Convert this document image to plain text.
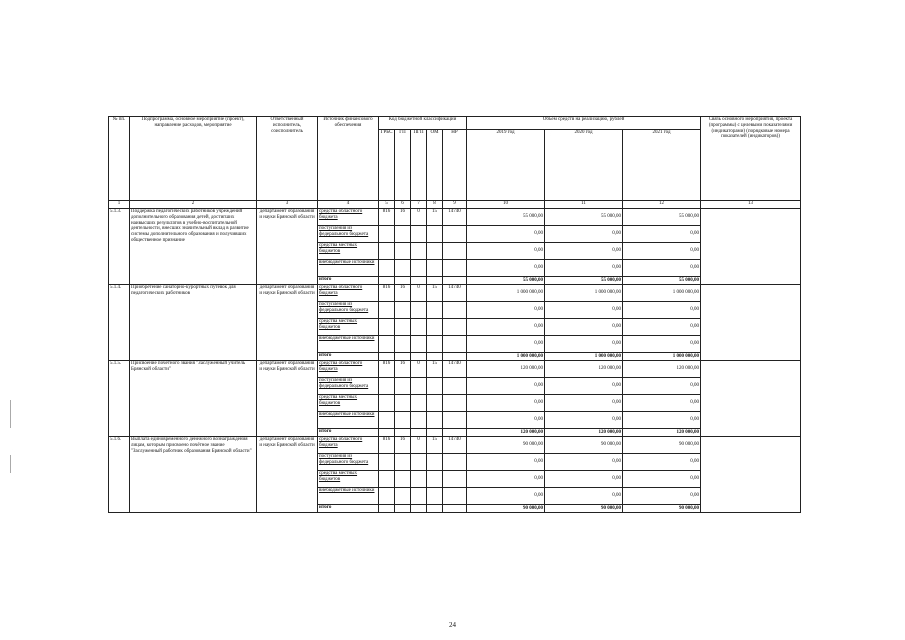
№ пп.	Подпрограмма, основное мероприятие (проект), направление расходов, мероприятие	Ответственный исполнитель, соисполнитель	Источник финансового обеспечения	Код бюджетной классификации					Объем средств на реализацию, рублей			Связь основного мероприятия, проекта (программы) с целевыми показателями (индикаторами) (порядковые номера показателей (индикаторов))
				ГРБС	ГП	ПГП	ОМ	НР	2019 год	2020 год	2021 год	
1	2	3	4	5	6	7	8	9	10	11	12	13
5.1.3.	Поддержка педагогических работников учреждений дополнительного образования детей, достигших наивысших результатов в учебно-воспитательной деятельности, внесших значительный вклад в развитие системы дополнительного образования и получивших общественное признание	департамент образования и науки Брянской области	средства областного бюджета	816	16	0	15	14740	55 000,00	55 000,00	55 000,00	
			поступления из федерального бюджета						0,00	0,00	0,00	
			средства местных бюджетов						0,00	0,00	0,00	
			внебюджетные источники						0,00	0,00	0,00	
			итого						55 000,00	55 000,00	55 000,00	
5.1.4.	Приобретение санаторно-курортных путевок для педагогических работников	департамент образования и науки Брянской области	средства областного бюджета	816	16	0	15	14740	1 000 000,00	1 000 000,00	1 000 000,00	
			поступления из федерального бюджета						0,00	0,00	0,00	
			средства местных бюджетов						0,00	0,00	0,00	
			внебюджетные источники						0,00	0,00	0,00	
			итого						1 000 000,00	1 000 000,00	1 000 000,00	
5.1.5.	Присвоение почётного звания "Заслуженный учитель Брянской области"	департамент образования и науки Брянской области	средства областного бюджета	816	16	0	15	14740	120 000,00	120 000,00	120 000,00	
			поступления из федерального бюджета						0,00	0,00	0,00	
			средства местных бюджетов						0,00	0,00	0,00	
			внебюджетные источники						0,00	0,00	0,00	
			итого						120 000,00	120 000,00	120 000,00	
5.1.6.	Выплата единовременного денежного вознаграждения лицам, которым присвоено почётное звание "Заслуженный работник образования Брянской области"	департамент образования и науки Брянской области	средства областного бюджета	816	16	0	15	14740	90 000,00	90 000,00	90 000,00	
			поступления из федерального бюджета						0,00	0,00	0,00	
			средства местных бюджетов						0,00	0,00	0,00	
			внебюджетные источники						0,00	0,00	0,00	
			итого						90 000,00	90 000,00	90 000,00	
24
